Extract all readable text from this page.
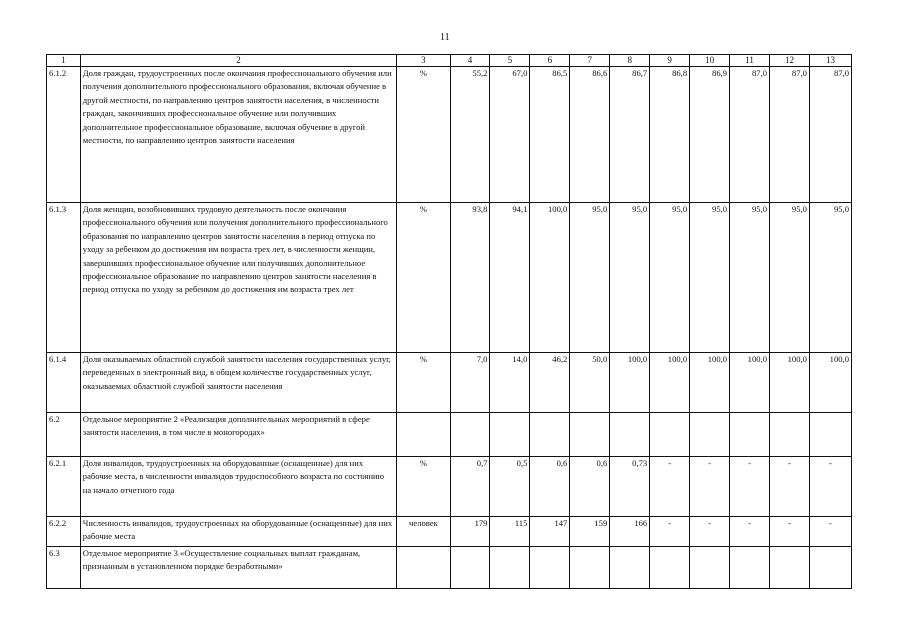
11
1	2	3	4	5	6	7	8	9	10	11	12	13
6.1.2	Доля граждан, трудоустроенных после окончания профессионального обучения или получения дополнительного профессионального образования, включая обучение в другой местности, по направлению центров занятости населения, в численности граждан, закончивших профессиональное обучение или получивших дополнительное профессиональное образование, включая обучение в другой местности, по направлению центров занятости населения	%	55,2	67,0	86,5	86,6	86,7	86,8	86,9	87,0	87,0	87,0
6.1.3	Доля женщин, возобновивших трудовую деятельность после окончания профессионального обучения или получения дополнительного профессионального образования по направлению центров занятости населения в период отпуска по уходу за ребенком до достижения им возраста трех лет, в численности женщин, завершивших профессиональное обучение или получивших дополнительное профессиональное образование по направлению центров занятости населения в период отпуска по уходу за ребенком до достижения им возраста трех лет	%	93,8	94,1	100,0	95,0	95,0	95,0	95,0	95,0	95,0	95,0
6.1.4	Доля оказываемых областной службой занятости населения государственных услуг, переведенных в электронный вид, в общем количестве государственных услуг, оказываемых областной службой занятости населения	%	7,0	14,0	46,2	50,0	100,0	100,0	100,0	100,0	100,0	100,0
6.2	Отдельное мероприятие 2 «Реализация дополнительных мероприятий в сфере занятости населения, в том числе в моногородах»											
6.2.1	Доля инвалидов, трудоустроенных на оборудованные (оснащенные) для них рабочие места, в численности инвалидов трудоспособного возраста по состоянию на начало отчетного года	%	0,7	0,5	0,6	0,6	0,73	-	-	-	-	-
6.2.2	Численность инвалидов, трудоустроенных на оборудованные (оснащенные) для них рабочие места	человек	179	115	147	159	166	-	-	-	-	-
6.3	Отдельное мероприятие 3 «Осуществление социальных выплат гражданам, признанным в установленном порядке безработными»											
